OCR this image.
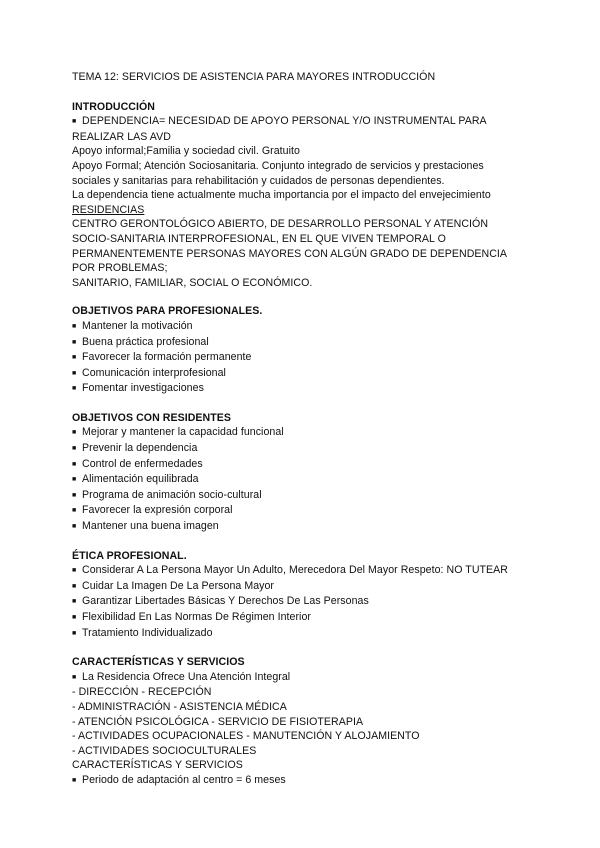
TEMA 12: SERVICIOS DE ASISTENCIA PARA MAYORES INTRODUCCIÓN
INTRODUCCIÓN
■ DEPENDENCIA= NECESIDAD DE APOYO PERSONAL Y/O INSTRUMENTAL PARA
REALIZAR LAS AVD
Apoyo informal;Familia y sociedad civil. Gratuito
Apoyo Formal; Atención Sociosanitaria. Conjunto integrado de servicios y prestaciones
sociales y sanitarias para rehabilitación y cuidados de personas dependientes.
La dependencia tiene actualmente mucha importancia por el impacto del envejecimiento
RESIDENCIAS
CENTRO GERONTOLÓGICO ABIERTO, DE DESARROLLO PERSONAL Y ATENCIÓN
SOCIO-SANITARIA INTERPROFESIONAL, EN EL QUE VIVEN TEMPORAL O
PERMANENTEMENTE PERSONAS MAYORES CON ALGÚN GRADO DE DEPENDENCIA
POR PROBLEMAS;
SANITARIO, FAMILIAR, SOCIAL O ECONÓMICO.
OBJETIVOS PARA PROFESIONALES.
■ Mantener la motivación
■ Buena práctica profesional
■ Favorecer la formación permanente
■ Comunicación interprofesional
■ Fomentar investigaciones
OBJETIVOS CON RESIDENTES
■ Mejorar y mantener la capacidad funcional
■ Prevenir la dependencia
■ Control de enfermedades
■ Alimentación equilibrada
■ Programa de animación socio-cultural
■ Favorecer la expresión corporal
■ Mantener una buena imagen
ÉTICA PROFESIONAL.
■ Considerar A La Persona Mayor Un Adulto, Merecedora Del Mayor Respeto: NO TUTEAR
■ Cuidar La Imagen De La Persona Mayor
■ Garantizar Libertades Básicas Y Derechos De Las Personas
■ Flexibilidad En Las Normas De Régimen Interior
■ Tratamiento Individualizado
CARACTERÍSTICAS Y SERVICIOS
■ La Residencia Ofrece Una Atención Integral
- DIRECCIÓN - RECEPCIÓN
- ADMINISTRACIÓN - ASISTENCIA MÉDICA
- ATENCIÓN PSICOLÓGICA - SERVICIO DE FISIOTERAPIA
- ACTIVIDADES OCUPACIONALES - MANUTENCIÓN Y ALOJAMIENTO
- ACTIVIDADES SOCIOCULTURALES
CARACTERÍSTICAS Y SERVICIOS
■ Periodo de adaptación al centro = 6 meses
